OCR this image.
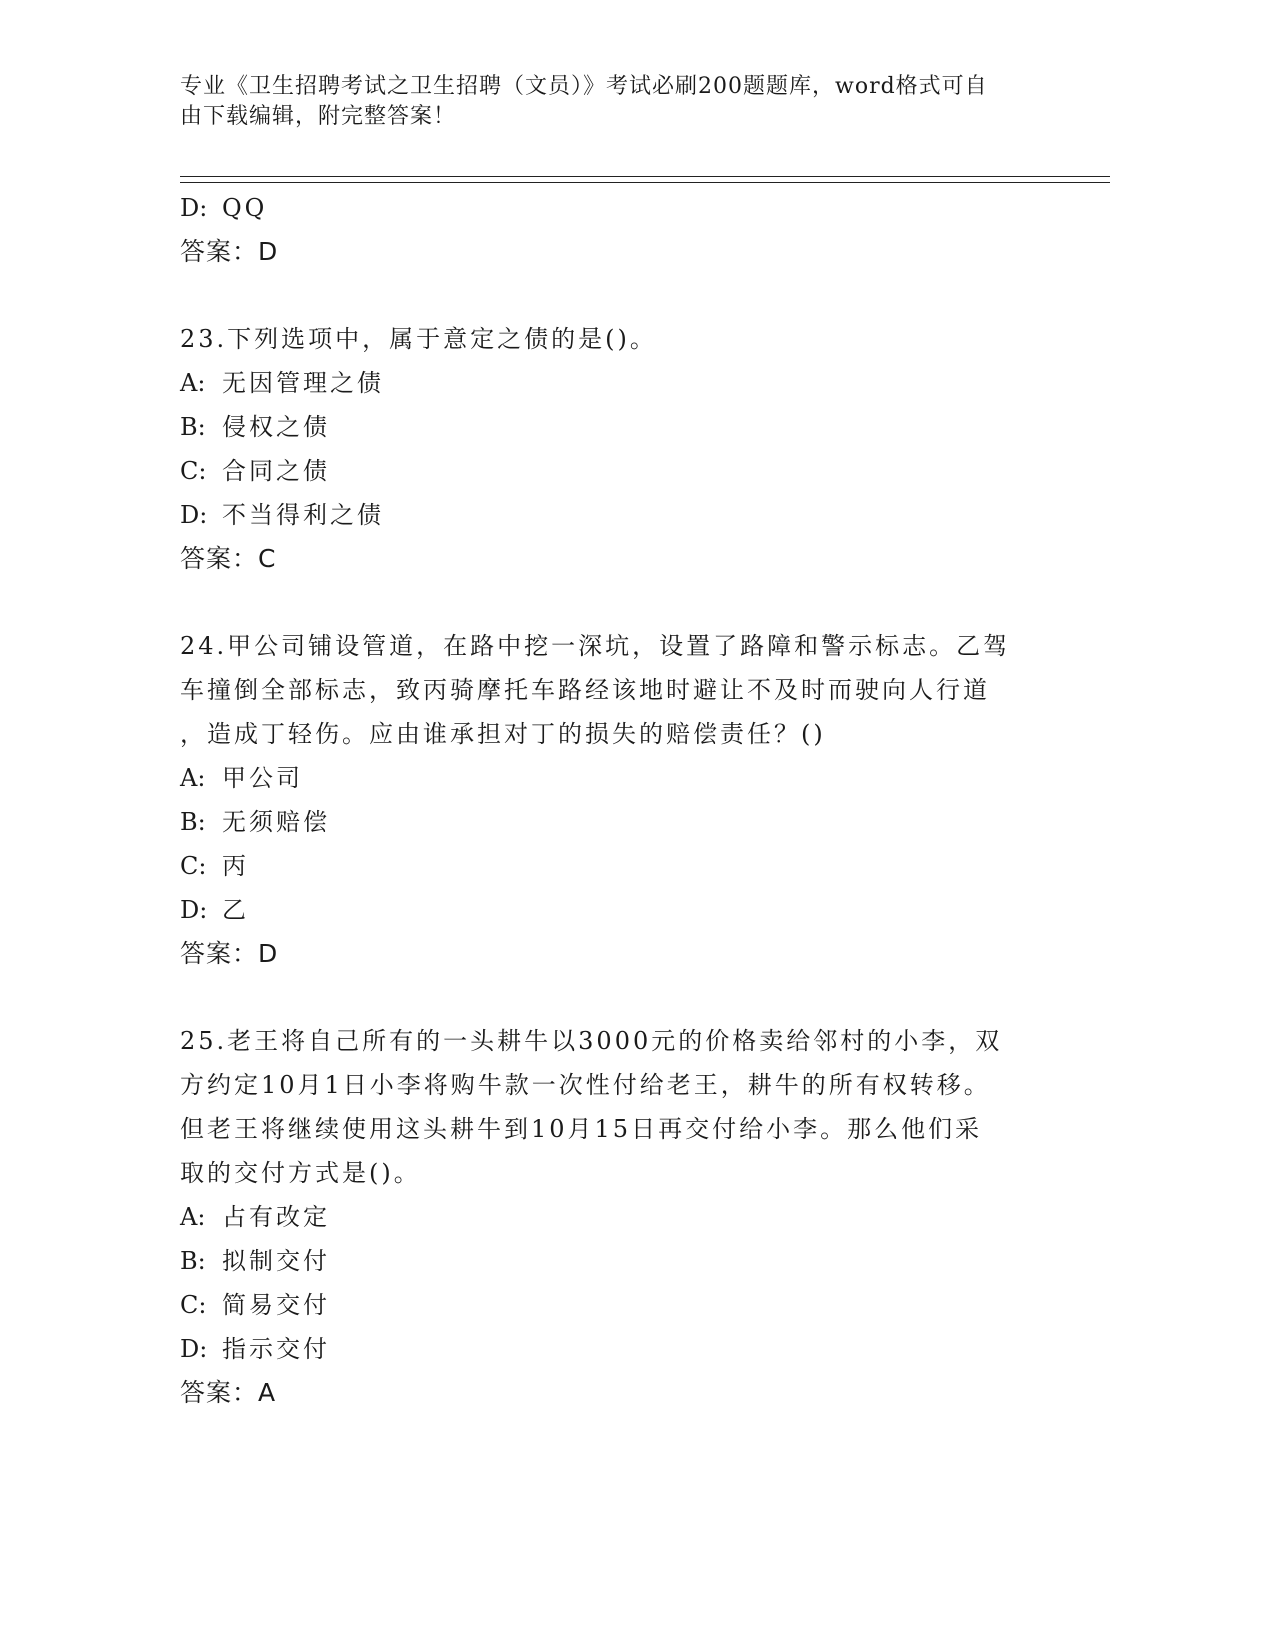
专业《卫生招聘考试之卫生招聘（文员）》考试必刷200题题库，word格式可自
由下载编辑，附完整答案！
D: QQ
答案：D
23.下列选项中，属于意定之债的是()。
A: 无因管理之债
B: 侵权之债
C: 合同之债
D: 不当得利之债
答案：C
24.甲公司铺设管道，在路中挖一深坑，设置了路障和警示标志。乙驾
车撞倒全部标志，致丙骑摩托车路经该地时避让不及时而驶向人行道
，造成丁轻伤。应由谁承担对丁的损失的赔偿责任？()
A: 甲公司
B: 无须赔偿
C: 丙
D: 乙
答案：D
25.老王将自己所有的一头耕牛以3000元的价格卖给邻村的小李，双
方约定10月1日小李将购牛款一次性付给老王，耕牛的所有权转移。
但老王将继续使用这头耕牛到10月15日再交付给小李。那么他们采
取的交付方式是()。
A: 占有改定
B: 拟制交付
C: 简易交付
D: 指示交付
答案：A
